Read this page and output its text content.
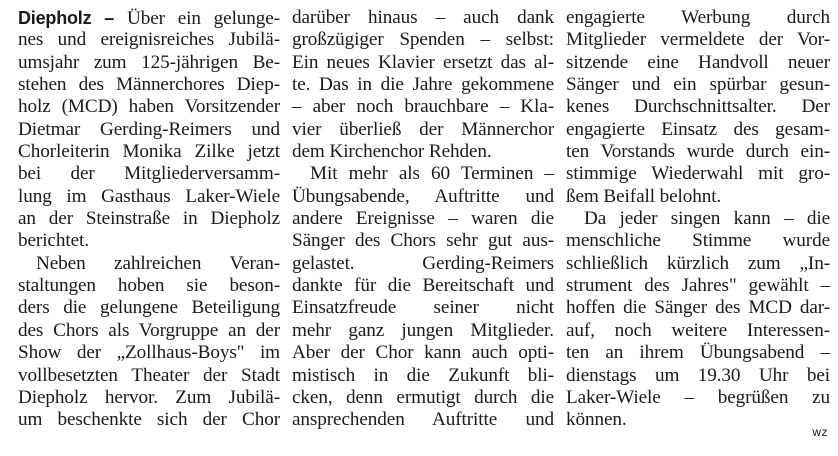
Diepholz – Über ein gelunge-
nes und ereignisreiches Jubilä-
umsjahr zum 125-jährigen Be-
stehen des Männerchores Diep-
holz (MCD) haben Vorsitzender
Dietmar Gerding-Reimers und
Chorleiterin Monika Zilke jetzt
bei der Mitgliederversamm-
lung im Gasthaus Laker-Wiele
an der Steinstraße in Diepholz
berichtet.
Neben zahlreichen Veran-
staltungen hoben sie beson-
ders die gelungene Beteiligung
des Chors als Vorgruppe an der
Show der „Zollhaus-Boys" im
vollbesetzten Theater der Stadt
Diepholz hervor. Zum Jubilä-
um beschenkte sich der Chor
darüber hinaus – auch dank
großzügiger Spenden – selbst:
Ein neues Klavier ersetzt das al-
te. Das in die Jahre gekommene
– aber noch brauchbare – Kla-
vier überließ der Männerchor
dem Kirchenchor Rehden.
Mit mehr als 60 Terminen –
Übungsabende, Auftritte und
andere Ereignisse – waren die
Sänger des Chors sehr gut aus-
gelastet. Gerding-Reimers
dankte für die Bereitschaft und
Einsatzfreude seiner nicht
mehr ganz jungen Mitglieder.
Aber der Chor kann auch opti-
mistisch in die Zukunft bli-
cken, denn ermutigt durch die
ansprechenden Auftritte und
engagierte Werbung durch
Mitglieder vermeldete der Vor-
sitzende eine Handvoll neuer
Sänger und ein spürbar gesun-
kenes Durchschnittsalter. Der
engagierte Einsatz des gesam-
ten Vorstands wurde durch ein-
stimmige Wiederwahl mit gro-
ßem Beifall belohnt.
Da jeder singen kann – die
menschliche Stimme wurde
schließlich kürzlich zum „In-
strument des Jahres" gewählt –
hoffen die Sänger des MCD dar-
auf, noch weitere Interessen-
ten an ihrem Übungsabend –
dienstags um 19.30 Uhr bei
Laker-Wiele – begrüßen zu
können.
wz
